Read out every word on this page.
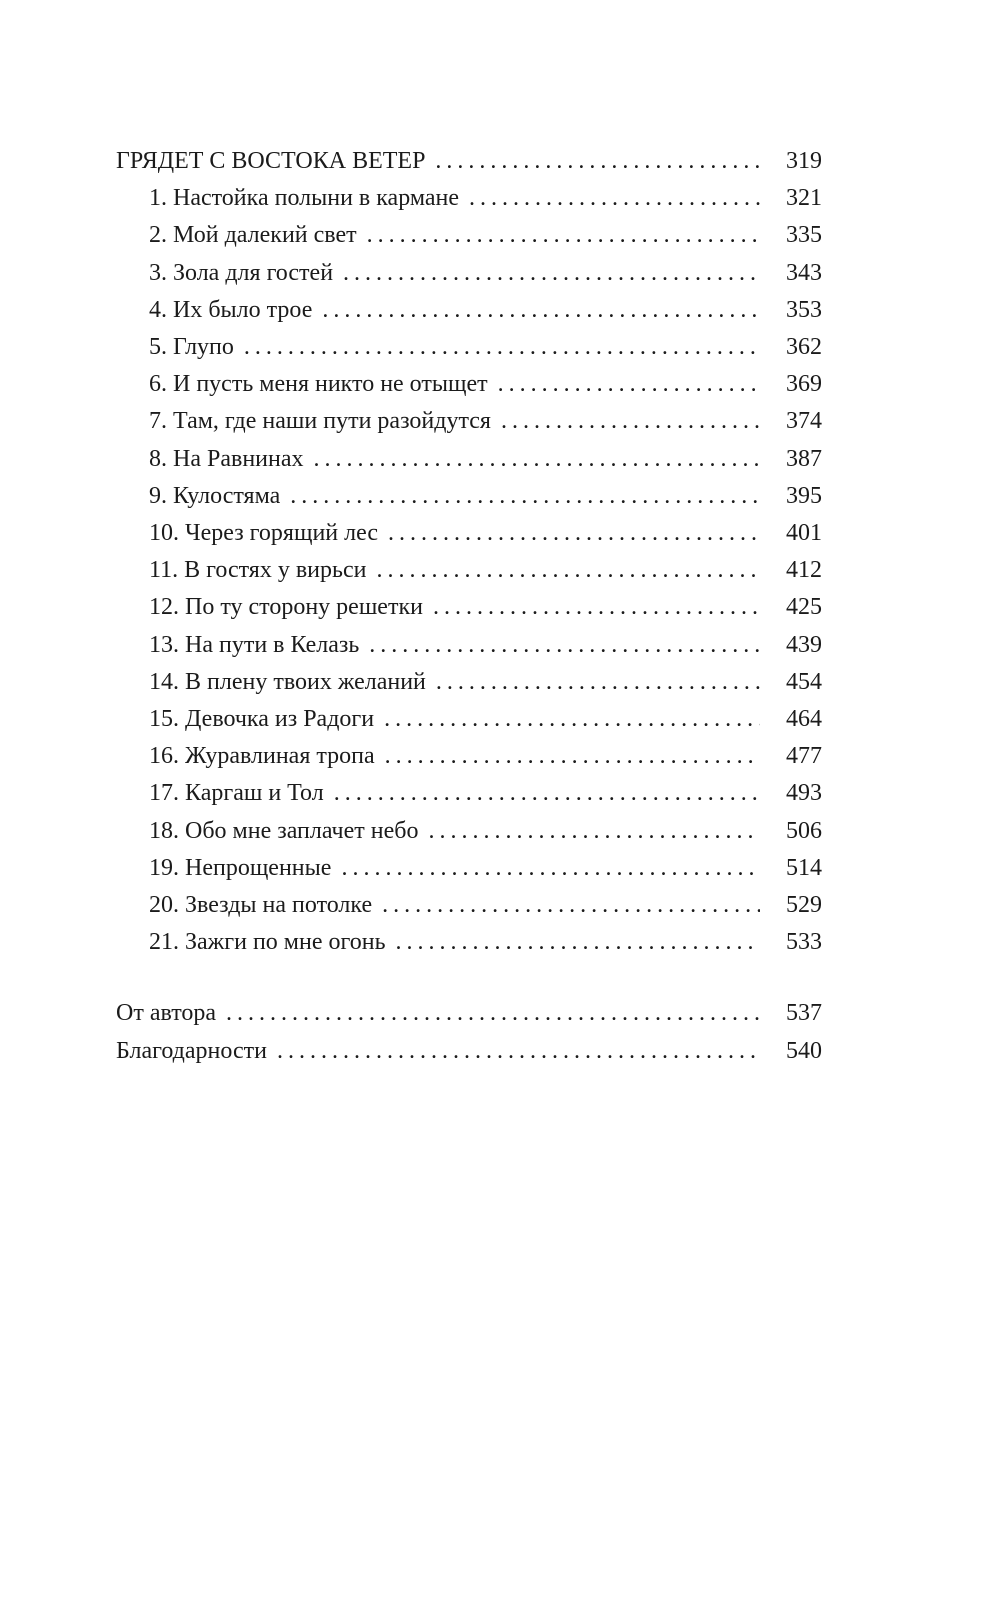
ГРЯДЕТ С ВОСТОКА ВЕТЕР .....	319
1. Настойка полыни в кармане .....	321
2. Мой далекий свет .....	335
3. Зола для гостей .....	343
4. Их было трое .....	353
5. Глупо .....	362
6. И пусть меня никто не отыщет .....	369
7. Там, где наши пути разойдутся .....	374
8. На Равнинах .....	387
9. Кулостяма .....	395
10. Через горящий лес .....	401
11. В гостях у вирьси .....	412
12. По ту сторону решетки .....	425
13. На пути в Келазь .....	439
14. В плену твоих желаний .....	454
15. Девочка из Радоги .....	464
16. Журавлиная тропа .....	477
17. Каргаш и Тол .....	493
18. Обо мне заплачет небо .....	506
19. Непрощенные .....	514
20. Звезды на потолке .....	529
21. Зажги по мне огонь .....	533
От автора .....	537
Благодарности .....	540
